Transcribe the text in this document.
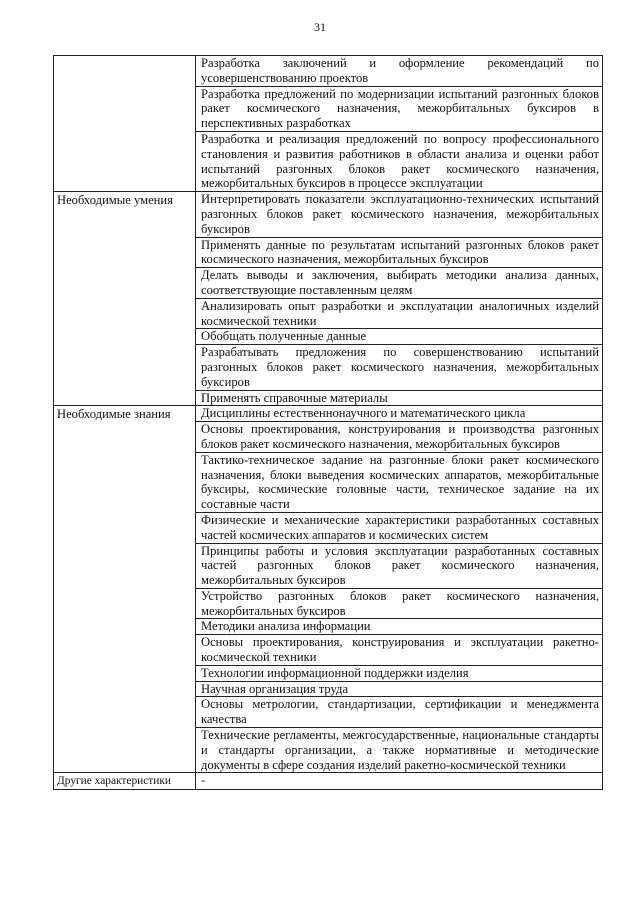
31
	Разработка заключений и оформление рекомендаций по усовершенствованию проектов
	Разработка предложений по модернизации испытаний разгонных блоков ракет космического назначения, межорбитальных буксиров в перспективных разработках
	Разработка и реализация предложений по вопросу профессионального становления и развития работников в области анализа и оценки работ испытаний разгонных блоков ракет космического назначения, межорбитальных буксиров в процессе эксплуатации
Необходимые умения	Интерпретировать показатели эксплуатационно-технических испытаний разгонных блоков ракет космического назначения, межорбитальных буксиров
	Применять данные по результатам испытаний разгонных блоков ракет космического назначения, межорбитальных буксиров
	Делать выводы и заключения, выбирать методики анализа данных, соответствующие поставленным целям
	Анализировать опыт разработки и эксплуатации аналогичных изделий космической техники
	Обобщать полученные данные
	Разрабатывать предложения по совершенствованию испытаний разгонных блоков ракет космического назначения, межорбитальных буксиров
	Применять справочные материалы
Необходимые знания	Дисциплины естественнонаучного и математического цикла
	Основы проектирования, конструирования и производства разгонных блоков ракет космического назначения, межорбитальных буксиров
	Тактико-техническое задание на разгонные блоки ракет космического назначения, блоки выведения космических аппаратов, межорбитальные буксиры, космические головные части, техническое задание на их составные части
	Физические и механические характеристики разработанных составных частей космических аппаратов и космических систем
	Принципы работы и условия эксплуатации разработанных составных частей разгонных блоков ракет космического назначения, межорбитальных буксиров
	Устройство разгонных блоков ракет космического назначения, межорбитальных буксиров
	Методики анализа информации
	Основы проектирования, конструирования и эксплуатации ракетно-космической техники
	Технологии информационной поддержки изделия
	Научная организация труда
	Основы метрологии, стандартизации, сертификации и менеджмента качества
	Технические регламенты, межгосударственные, национальные стандарты и стандарты организации, а также нормативные и методические документы в сфере создания изделий ракетно-космической техники
Другие характеристики	-
